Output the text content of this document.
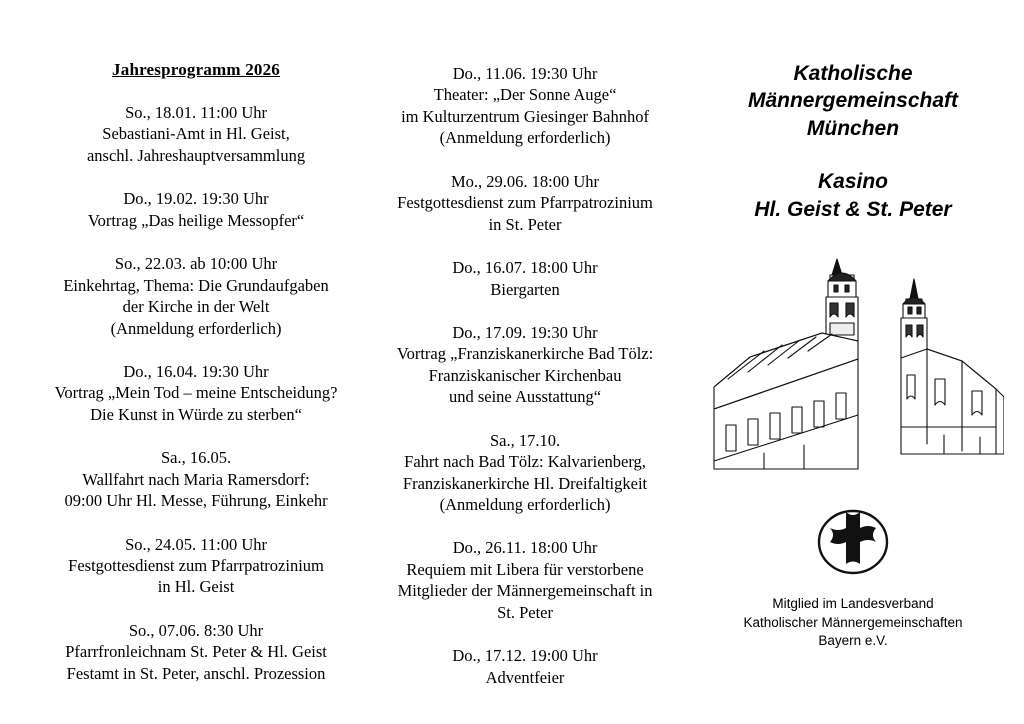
Jahresprogramm 2026
So., 18.01. 11:00 Uhr
Sebastiani-Amt in Hl. Geist,
anschl. Jahreshauptversammlung
Do., 19.02. 19:30 Uhr
Vortrag „Das heilige Messopfer“
So., 22.03. ab 10:00 Uhr
Einkehrtag, Thema: Die Grundaufgaben
der Kirche in der Welt
(Anmeldung erforderlich)
Do., 16.04. 19:30 Uhr
Vortrag „Mein Tod – meine Entscheidung?
Die Kunst in Würde zu sterben“
Sa., 16.05.
Wallfahrt nach Maria Ramersdorf:
09:00 Uhr Hl. Messe, Führung, Einkehr
So., 24.05. 11:00 Uhr
Festgottesdienst zum Pfarrpatrozinium
in Hl. Geist
So., 07.06. 8:30 Uhr
Pfarrfronleichnam St. Peter & Hl. Geist
Festamt in St. Peter, anschl. Prozession
Do., 11.06. 19:30 Uhr
Theater: „Der Sonne Auge“
im Kulturzentrum Giesinger Bahnhof
(Anmeldung erforderlich)
Mo., 29.06. 18:00 Uhr
Festgottesdienst zum Pfarrpatrozinium
in St. Peter
Do., 16.07. 18:00 Uhr
Biergarten
Do., 17.09. 19:30 Uhr
Vortrag „Franziskanerkirche Bad Tölz:
Franziskanischer Kirchenbau
und seine Ausstattung“
Sa., 17.10.
Fahrt nach Bad Tölz: Kalvarienberg,
Franziskanerkirche Hl. Dreifaltigkeit
(Anmeldung erforderlich)
Do., 26.11. 18:00 Uhr
Requiem mit Libera für verstorbene
Mitglieder der Männergemeinschaft in
St. Peter
Do., 17.12. 19:00 Uhr
Adventfeier
Katholische
Männergemeinschaft
München
Kasino
Hl. Geist & St. Peter
Mitglied im Landesverband
Katholischer Männergemeinschaften
Bayern e.V.
